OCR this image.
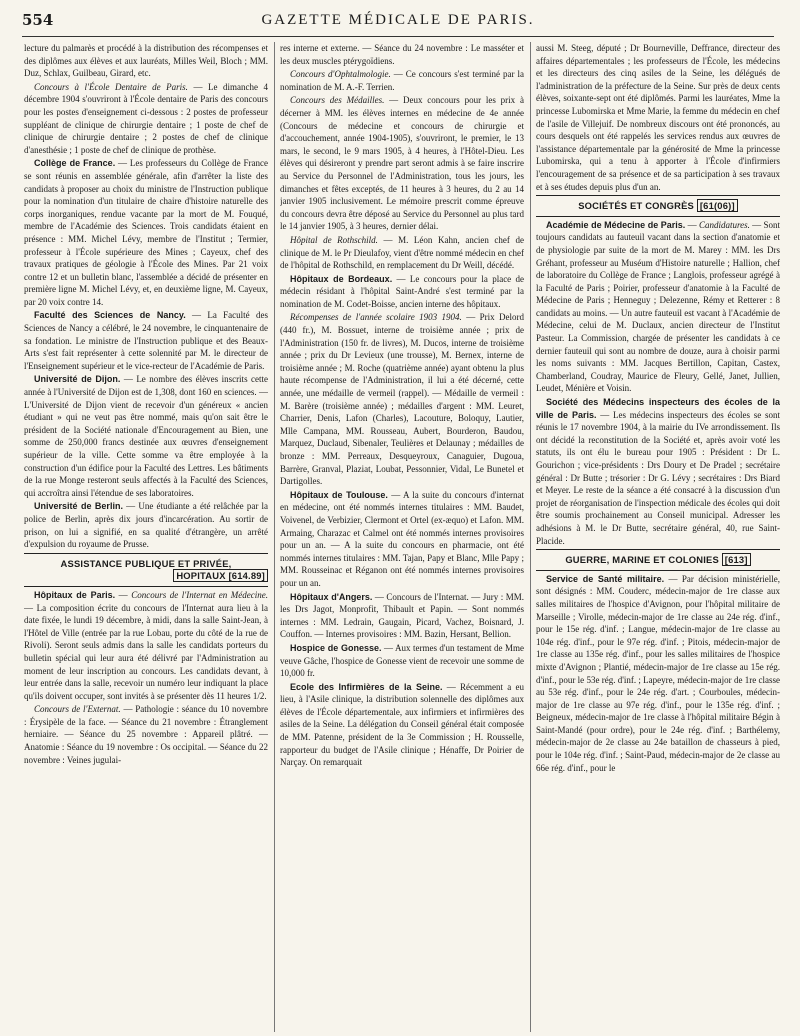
554	GAZETTE MÉDICALE DE PARIS.

lecture du palmarès et procédé à la distribution des récompenses et des diplômes aux élèves et aux lauréats, Milles Weil, Bloch ; MM. Duz, Schlax, Guilbeau, Girard, etc.

Concours à l'École Dentaire de Paris. — Le dimanche 4 décembre 1904 s'ouvriront à l'École dentaire de Paris des concours pour les postes d'enseignement ci-dessous : 2 postes de professeur suppléant de clinique de chirurgie dentaire ; 1 poste de chef de clinique de chirurgie dentaire ; 2 postes de chef de clinique d'anesthésie ; 1 poste de chef de clinique de prothèse.

Collège de France. — Les professeurs du Collège de France se sont réunis en assemblée générale, afin d'arrêter la liste des candidats à proposer au choix du ministre de l'Instruction publique pour la nomination d'un titulaire de chaire d'histoire naturelle des corps inorganiques, rendue vacante par la mort de M. Fouqué, membre de l'Académie des Sciences. Trois candidats étaient en présence : MM. Michel Lévy, membre de l'Institut ; Termier, professeur à l'École supérieure des Mines ; Cayeux, chef des travaux pratiques de géologie à l'École des Mines. Par 21 voix contre 12 et un bulletin blanc, l'assemblée a décidé de présenter en première ligne M. Michel Lévy, et, en deuxième ligne, M. Cayeux, par 20 voix contre 14.

Faculté des Sciences de Nancy. — La Faculté des Sciences de Nancy a célébré, le 24 novembre, le cinquantenaire de sa fondation. Le ministre de l'Instruction publique et des Beaux-Arts s'est fait représenter à cette solennité par M. le directeur de l'Enseignement supérieur et le vice-recteur de l'Académie de Paris.

Université de Dijon. — Le nombre des élèves inscrits cette année à l'Université de Dijon est de 1,308, dont 160 en sciences. — L'Université de Dijon vient de recevoir d'un généreux « ancien étudiant » qui ne veut pas être nommé, mais qu'on sait être le président de la Société nationale d'Encouragement au Bien, une somme de 250,000 francs destinée aux œuvres d'enseignement supérieur de la ville. Cette somme va être employée à la construction d'un édifice pour la Faculté des Lettres. Les bâtiments de la rue Monge resteront seuls affectés à la Faculté des Sciences, qui accroîtra ainsi l'étendue de ses laboratoires.

Université de Berlin. — Une étudiante a été relâchée par la police de Berlin, après dix jours d'incarcération. Au sortir de prison, on lui a signifié, en sa qualité d'étrangère, un arrêté d'expulsion du royaume de Prusse.

ASSISTANCE PUBLIQUE ET PRIVÉE,
HOPITAUX [614.89]

Hôpitaux de Paris. — Concours de l'Internat en Médecine. — La composition écrite du concours de l'Internat aura lieu à la date fixée, le lundi 19 décembre, à midi, dans la salle Saint-Jean, à l'Hôtel de Ville (entrée par la rue Lobau, porte du côté de la rue de Rivoli). Seront seuls admis dans la salle les candidats porteurs du bulletin spécial qui leur aura été délivré par l'Administration au moment de leur inscription au concours. Les candidats devant, à leur entrée dans la salle, recevoir un numéro leur indiquant la place qu'ils doivent occuper, sont invités à se présenter dès 11 heures 1/2.

Concours de l'Externat. — Pathologie : séance du 10 novembre : Érysipèle de la face. — Séance du 21 novembre : Étranglement herniaire. — Séance du 25 novembre : Appareil plâtré. — Anatomie : Séance du 19 novembre : Os occipital. — Séance du 22 novembre : Veines jugulai-

res interne et externe. — Séance du 24 novembre : Le masséter et les deux muscles ptérygoïdiens.

Concours d'Ophtalmologie. — Ce concours s'est terminé par la nomination de M. A.-F. Terrien.

Concours des Médailles. — Deux concours pour les prix à décerner à MM. les élèves internes en médecine de 4e année (Concours de médecine et concours de chirurgie et d'accouchement, année 1904-1905), s'ouvriront, le premier, le 13 mars, le second, le 9 mars 1905, à 4 heures, à l'Hôtel-Dieu. Les élèves qui désireront y prendre part seront admis à se faire inscrire au Service du Personnel de l'Administration, tous les jours, les dimanches et fêtes exceptés, de 11 heures à 3 heures, du 2 au 14 janvier 1905 inclusivement. Le mémoire prescrit comme épreuve du concours devra être déposé au Service du Personnel au plus tard le 14 janvier 1905, à 3 heures, dernier délai.

Hôpital de Rothschild. — M. Léon Kahn, ancien chef de clinique de M. le Pr Dieulafoy, vient d'être nommé médecin en chef de l'hôpital de Rothschild, en remplacement du Dr Weill, décédé.

Hôpitaux de Bordeaux. — Le concours pour la place de médecin résidant à l'hôpital Saint-André s'est terminé par la nomination de M. Codet-Boisse, ancien interne des hôpitaux.

Récompenses de l'année scolaire 1903 1904. — Prix Delord (440 fr.), M. Bossuet, interne de troisième année ; prix de l'Administration (150 fr. de livres), M. Ducos, interne de troisième année ; prix du Dr Levieux (une trousse), M. Bernex, interne de troisième année ; M. Roche (quatrième année) ayant obtenu la plus haute récompense de l'Administration, il lui a été décerné, cette année, une médaille de vermeil (rappel). — Médaille de vermeil : M. Barère (troisième année) ; médailles d'argent : MM. Leuret, Charrier, Denis, Lafon (Charles), Lacouture, Boloquy, Lautier, Mlle Campana, MM. Rousseau, Aubert, Bourderon, Baudou, Marquez, Duclaud, Sibenaler, Teulières et Delaunay ; médailles de bronze : MM. Perreaux, Desqueyroux, Canaguier, Dugoua, Barrère, Granval, Plaziat, Loubat, Pessonnier, Vidal, Le Bunetel et Dartigolles.

Hôpitaux de Toulouse. — A la suite du concours d'internat en médecine, ont été nommés internes titulaires : MM. Baudet, Voivenel, de Verbizier, Clermont et Ortel (ex-æquo) et Lafon. MM. Armaing, Charazac et Calmel ont été nommés internes provisoires pour un an. — A la suite du concours en pharmacie, ont été nommés internes titulaires : MM. Tajan, Papy et Blanc, Mlle Papy ; MM. Rousseinac et Réganon ont été nommés internes provisoires pour un an.

Hôpitaux d'Angers. — Concours de l'Internat. — Jury : MM. les Drs Jagot, Monprofit, Thibault et Papin. — Sont nommés internes : MM. Ledrain, Gaugain, Picard, Vachez, Boisnard, J. Couffon. — Internes provisoires : MM. Bazin, Hersant, Bellion.

Hospice de Gonesse. — Aux termes d'un testament de Mme veuve Gâche, l'hospice de Gonesse vient de recevoir une somme de 10,000 fr.

Ecole des Infirmières de la Seine. — Récemment a eu lieu, à l'Asile clinique, la distribution solennelle des diplômes aux élèves de l'École départementale, aux infirmiers et infirmières des asiles de la Seine. La délégation du Conseil général était composée de MM. Patenne, président de la 3e Commission ; H. Rousselle, rapporteur du budget de l'Asile clinique ; Hénaffe, Dr Poirier de Narçay. On remarquait

aussi M. Steeg, député ; Dr Bourneville, Deffrance, directeur des affaires départementales ; les professeurs de l'École, les médecins et les directeurs des cinq asiles de la Seine, les délégués de l'administration de la préfecture de la Seine. Sur près de deux cents élèves, soixante-sept ont été diplômés. Parmi les lauréates, Mme la princesse Lubomirska et Mme Marie, la femme du médecin en chef de l'asile de Villejuif. De nombreux discours ont été prononcés, au cours desquels ont été rappelés les services rendus aux œuvres de l'assistance départementale par la générosité de Mme la princesse Lubomirska, qui a tenu à apporter à l'École d'infirmiers l'encouragement de sa présence et de sa participation à ses travaux et à ses études depuis plus d'un an.

SOCIÉTÉS ET CONGRÈS [61(06)]

Académie de Médecine de Paris. — Candidatures. — Sont toujours candidats au fauteuil vacant dans la section d'anatomie et de physiologie par suite de la mort de M. Marey : MM. les Drs Gréhant, professeur au Muséum d'Histoire naturelle ; Hallion, chef de laboratoire du Collège de France ; Langlois, professeur agrégé à la Faculté de Paris ; Poirier, professeur d'anatomie à la Faculté de Médecine de Paris ; Henneguy ; Delezenne, Rémy et Retterer : 8 candidats au moins. — Un autre fauteuil est vacant à l'Académie de Médecine, celui de M. Duclaux, ancien directeur de l'Institut Pasteur. La Commission, chargée de présenter les candidats à ce dernier fauteuil qui sont au nombre de douze, aura à choisir parmi les noms suivants : MM. Jacques Bertillon, Capitan, Castex, Chamberland, Coudray, Maurice de Fleury, Gellé, Janet, Jullien, Leudet, Ménière et Voisin.

Société des Médecins inspecteurs des écoles de la ville de Paris. — Les médecins inspecteurs des écoles se sont réunis le 17 novembre 1904, à la mairie du IVe arrondissement. Ils ont décidé la reconstitution de la Société et, après avoir voté les statuts, ils ont élu le bureau pour 1905 : Président : Dr L. Gourichon ; vice-présidents : Drs Doury et De Pradel ; secrétaire général : Dr Butte ; trésorier : Dr G. Lévy ; secrétaires : Drs Biard et Meyer. Le reste de la séance a été consacré à la discussion d'un projet de réorganisation de l'inspection médicale des écoles qui doit être soumis prochainement au Conseil municipal. Adresser les adhésions à M. le Dr Butte, secrétaire général, 40, rue Saint-Placide.

GUERRE, MARINE ET COLONIES [613]

Service de Santé militaire. — Par décision ministérielle, sont désignés : MM. Couderc, médecin-major de 1re classe aux salles militaires de l'hospice d'Avignon, pour l'hôpital militaire de Marseille ; Virolle, médecin-major de 1re classe au 24e rég. d'inf., pour le 15e rég. d'inf. ; Langue, médecin-major de 1re classe au 104e rég. d'inf., pour le 97e rég. d'inf. ; Pitois, médecin-major de 1re classe au 135e rég. d'inf., pour les salles militaires de l'hospice mixte d'Avignon ; Plantié, médecin-major de 1re classe au 15e rég. d'inf., pour le 53e rég. d'inf. ; Lapeyre, médecin-major de 1re classe au 53e rég. d'inf., pour le 24e rég. d'art. ; Courboules, médecin-major de 1re classe au 97e rég. d'inf., pour le 135e rég. d'inf. ; Beigneux, médecin-major de 1re classe à l'hôpital militaire Bégin à Saint-Mandé (pour ordre), pour le 24e rég. d'inf. ; Barthélemy, médecin-major de 2e classe au 24e bataillon de chasseurs à pied, pour le 104e rég. d'inf. ; Saint-Paud, médecin-major de 2e classe au 66e rég. d'inf., pour le
